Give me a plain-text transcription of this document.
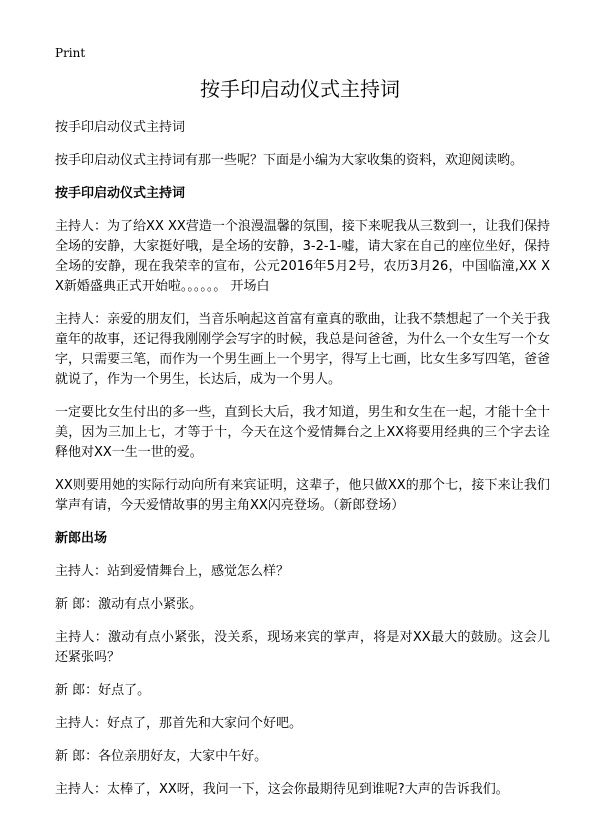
Print
按手印启动仪式主持词

按手印启动仪式主持词

按手印启动仪式主持词有那一些呢？下面是小编为大家收集的资料，欢迎阅读哟。

按手印启动仪式主持词

主持人：为了给XX XX营造一个浪漫温馨的氛围，接下来呢我从三数到一，让我们保持全场的安静，大家挺好哦，是全场的安静，3-2-1-嘘，请大家在自己的座位坐好，保持全场的安静，现在我荣幸的宣布，公元2016年5月2号，农历3月26，中国临潼,XX XX新婚盛典正式开始啦。。。。。。 开场白

主持人：亲爱的朋友们，当音乐响起这首富有童真的歌曲，让我不禁想起了一个关于我童年的故事，还记得我刚刚学会写字的时候，我总是问爸爸，为什么一个女生写一个女字，只需要三笔，而作为一个男生画上一个男字，得写上七画，比女生多写四笔，爸爸就说了，作为一个男生，长达后，成为一个男人。

一定要比女生付出的多一些，直到长大后，我才知道，男生和女生在一起，才能十全十美，因为三加上七，才等于十，今天在这个爱情舞台之上XX将要用经典的三个字去诠释他对XX一生一世的爱。

XX则要用她的实际行动向所有来宾证明，这辈子，他只做XX的那个七，接下来让我们掌声有请，今天爱情故事的男主角XX闪亮登场。（新郎登场）

新郎出场

主持人：站到爱情舞台上，感觉怎么样？

新 郎：激动有点小紧张。

主持人：激动有点小紧张，没关系，现场来宾的掌声，将是对XX最大的鼓励。这会儿还紧张吗？

新 郎：好点了。

主持人：好点了，那首先和大家问个好吧。

新 郎：各位亲朋好友，大家中午好。

主持人：太棒了，XX呀，我问一下，这会你最期待见到谁呢?大声的告诉我们。
